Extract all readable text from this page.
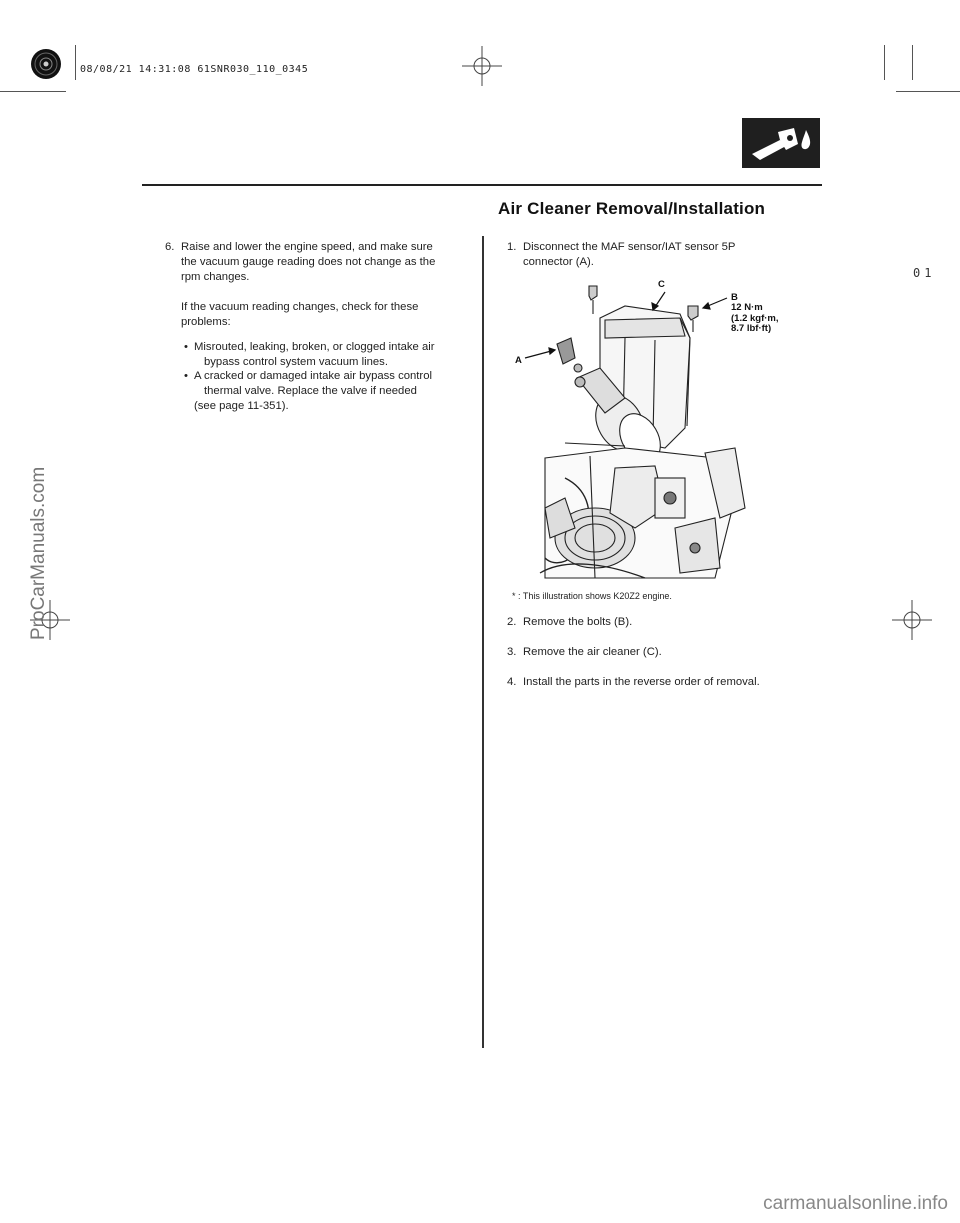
08/08/21 14:31:08 61SNR030_110_0345
Air Cleaner Removal/Installation
01
6. Raise and lower the engine speed, and make sure
the vacuum gauge reading does not change as the
rpm changes.
If the vacuum reading changes, check for these
problems:
• Misrouted, leaking, broken, or clogged intake air
bypass control system vacuum lines.
• A cracked or damaged intake air bypass control
thermal valve. Replace the valve if needed
(see page 11-351).
1. Disconnect the MAF sensor/IAT sensor 5P
connector (A).
A
C
B
12 N·m
(1.2 kgf·m,
8.7 lbf·ft)
* : This illustration shows K20Z2 engine.
2. Remove the bolts (B).
3. Remove the air cleaner (C).
4. Install the parts in the reverse order of removal.
ProCarManuals.com
carmanualsonline.info
